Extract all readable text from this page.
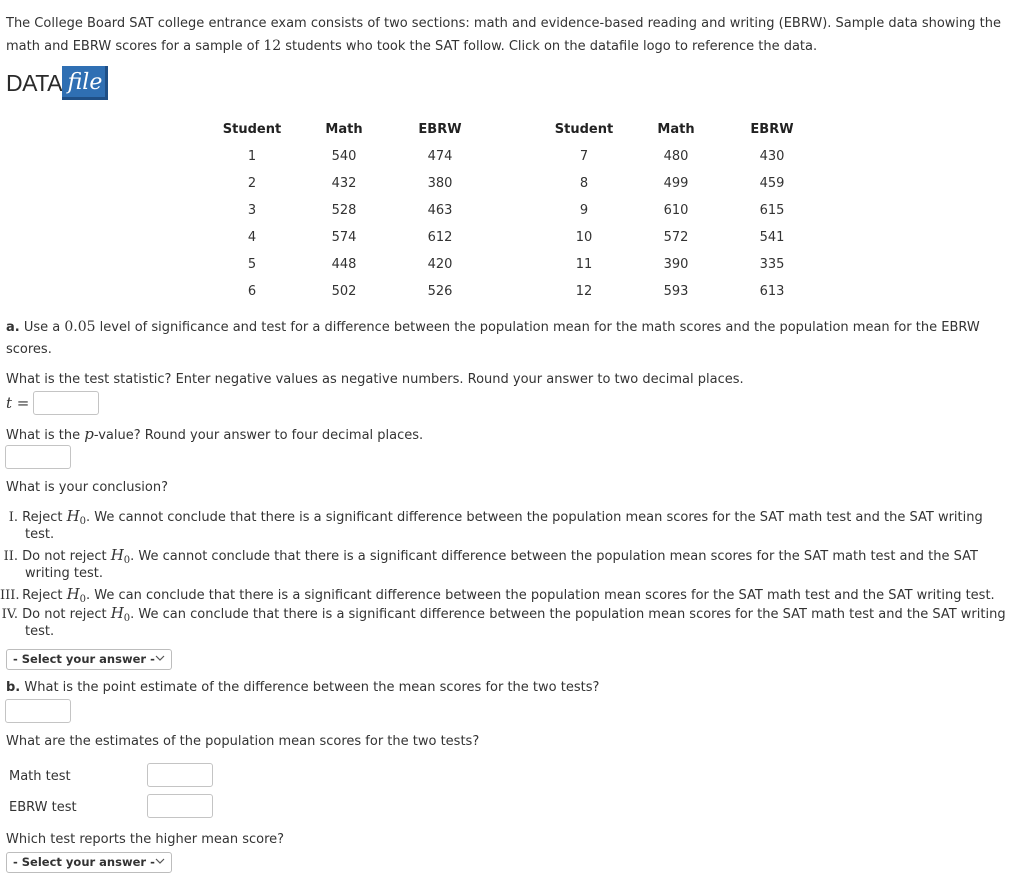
The College Board SAT college entrance exam consists of two sections: math and evidence-based reading and writing (EBRW). Sample data showing the
math and EBRW scores for a sample of 12 students who took the SAT follow. Click on the datafile logo to reference the data.
DATA file
Student	Math	EBRW	Student	Math	EBRW
1	540	474	7	480	430
2	432	380	8	499	459
3	528	463	9	610	615
4	574	612	10	572	541
5	448	420	11	390	335
6	502	526	12	593	613
a. Use a 0.05 level of significance and test for a difference between the population mean for the math scores and the population mean for the EBRW
scores.
What is the test statistic? Enter negative values as negative numbers. Round your answer to two decimal places.
t =
What is the p-value? Round your answer to four decimal places.
What is your conclusion?
I. Reject $H_0$. We cannot conclude that there is a significant difference between the population mean scores for the SAT math test and the SAT writing
test.
II. Do not reject $H_0$. We cannot conclude that there is a significant difference between the population mean scores for the SAT math test and the SAT
writing test.
III. Reject $H_0$. We can conclude that there is a significant difference between the population mean scores for the SAT math test and the SAT writing test.
IV. Do not reject $H_0$. We can conclude that there is a significant difference between the population mean scores for the SAT math test and the SAT writing
test.
- Select your answer -
b. What is the point estimate of the difference between the mean scores for the two tests?
What are the estimates of the population mean scores for the two tests?
Math test
EBRW test
Which test reports the higher mean score?
- Select your answer -
